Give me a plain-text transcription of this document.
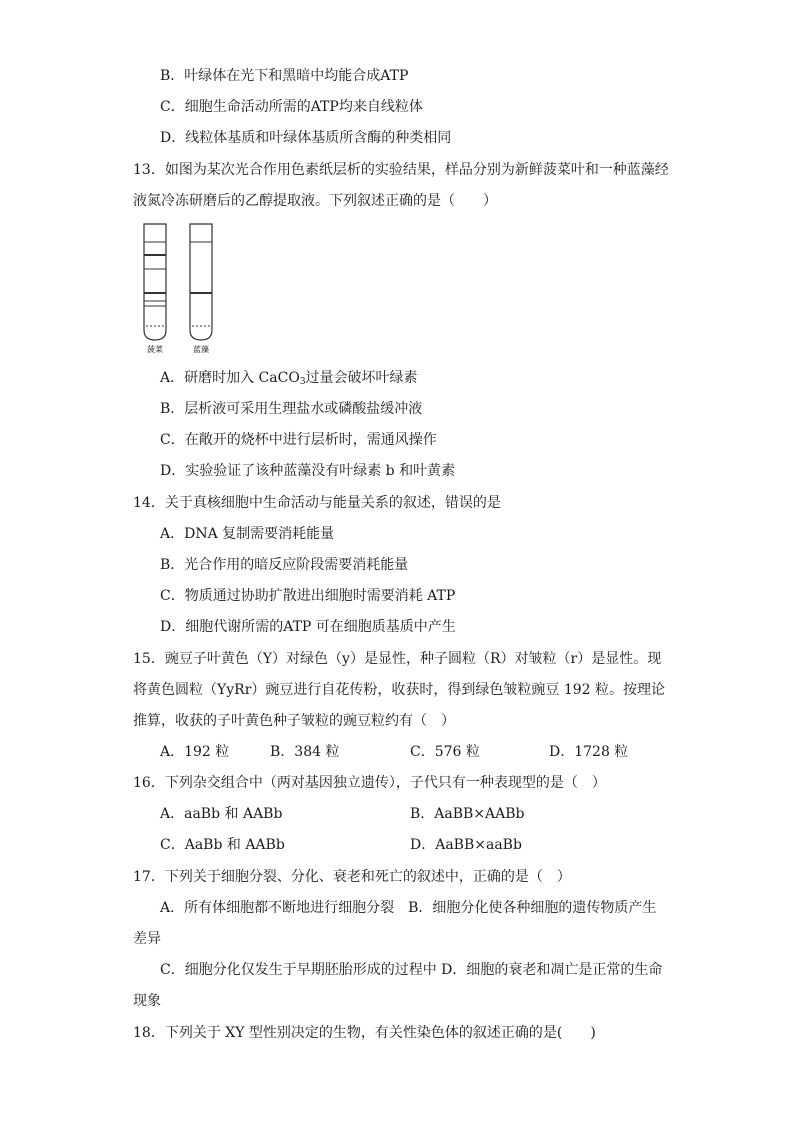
B．叶绿体在光下和黑暗中均能合成ATP
C．细胞生命活动所需的ATP均来自线粒体
D．线粒体基质和叶绿体基质所含酶的种类相同
13．如图为某次光合作用色素纸层析的实验结果，样品分别为新鲜菠菜叶和一种蓝藻经
液氮冷冻研磨后的乙醇提取液。下列叙述正确的是（　　）
菠菜	蓝藻
A．研磨时加入 CaCO$_3$过量会破坏叶绿素
B．层析液可采用生理盐水或磷酸盐缓冲液
C．在敞开的烧杯中进行层析时，需通风操作
D．实验验证了该种蓝藻没有叶绿素 b 和叶黄素
14．关于真核细胞中生命活动与能量关系的叙述，错误的是
A．DNA 复制需要消耗能量
B．光合作用的暗反应阶段需要消耗能量
C．物质通过协助扩散进出细胞时需要消耗 ATP
D．细胞代谢所需的ATP 可在细胞质基质中产生
15．豌豆子叶黄色（Y）对绿色（y）是显性，种子圆粒（R）对皱粒（r）是显性。现
将黄色圆粒（YyRr）豌豆进行自花传粉，收获时，得到绿色皱粒豌豆 192 粒。按理论
推算，收获的子叶黄色种子皱粒的豌豆粒约有（　）
A．192 粒	B．384 粒	C．576 粒	D．1728 粒
16．下列杂交组合中（两对基因独立遗传），子代只有一种表现型的是（　）
A．aaBb 和 AABb	B．AaBB×AABb
C．AaBb 和 AABb	D．AaBB×aaBb
17．下列关于细胞分裂、分化、衰老和死亡的叙述中，正确的是（　）
A．所有体细胞都不断地进行细胞分裂　B．细胞分化使各种细胞的遗传物质产生
差异
C．细胞分化仅发生于早期胚胎形成的过程中 D．细胞的衰老和凋亡是正常的生命
现象
18．下列关于 XY 型性别决定的生物，有关性染色体的叙述正确的是(　　)
